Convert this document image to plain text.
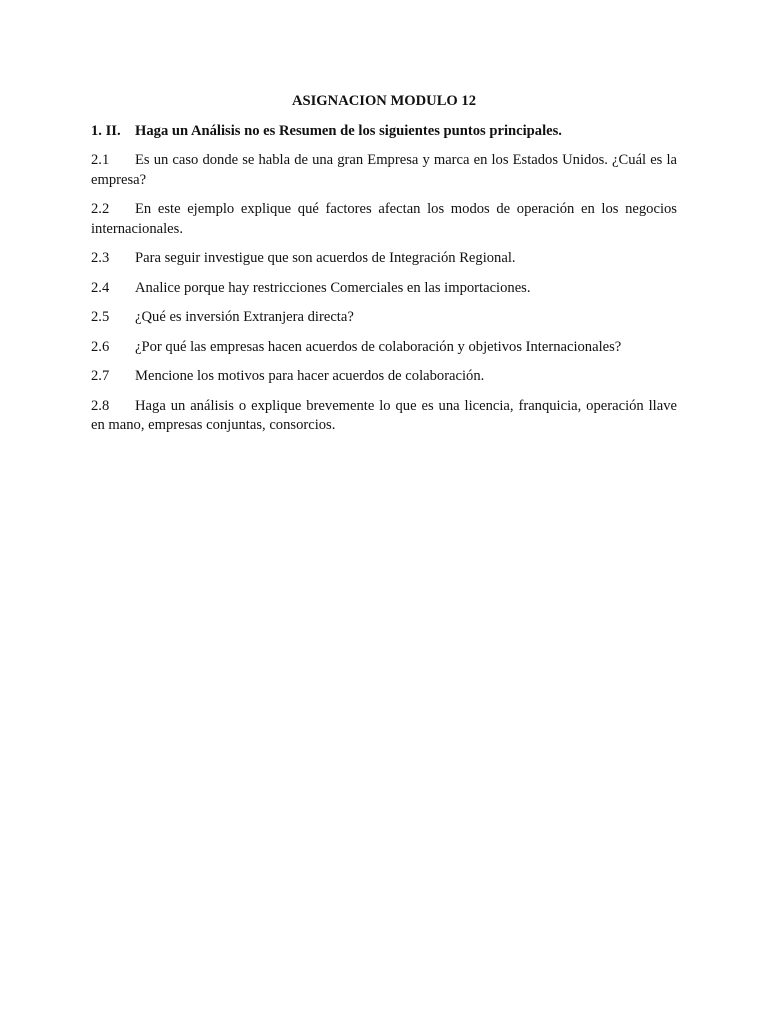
ASIGNACION MODULO 12

1. II. Haga un Análisis no es Resumen de los siguientes puntos principales.

2.1 Es un caso donde se habla de una gran Empresa y marca en los Estados Unidos. ¿Cuál es la empresa?

2.2 En este ejemplo explique qué factores afectan los modos de operación en los negocios internacionales.

2.3 Para seguir investigue que son acuerdos de Integración Regional.

2.4 Analice porque hay restricciones Comerciales en las importaciones.

2.5 ¿Qué es inversión Extranjera directa?

2.6 ¿Por qué las empresas hacen acuerdos de colaboración y objetivos Internacionales?

2.7 Mencione los motivos para hacer acuerdos de colaboración.

2.8 Haga un análisis o explique brevemente lo que es una licencia, franquicia, operación llave en mano, empresas conjuntas, consorcios.
